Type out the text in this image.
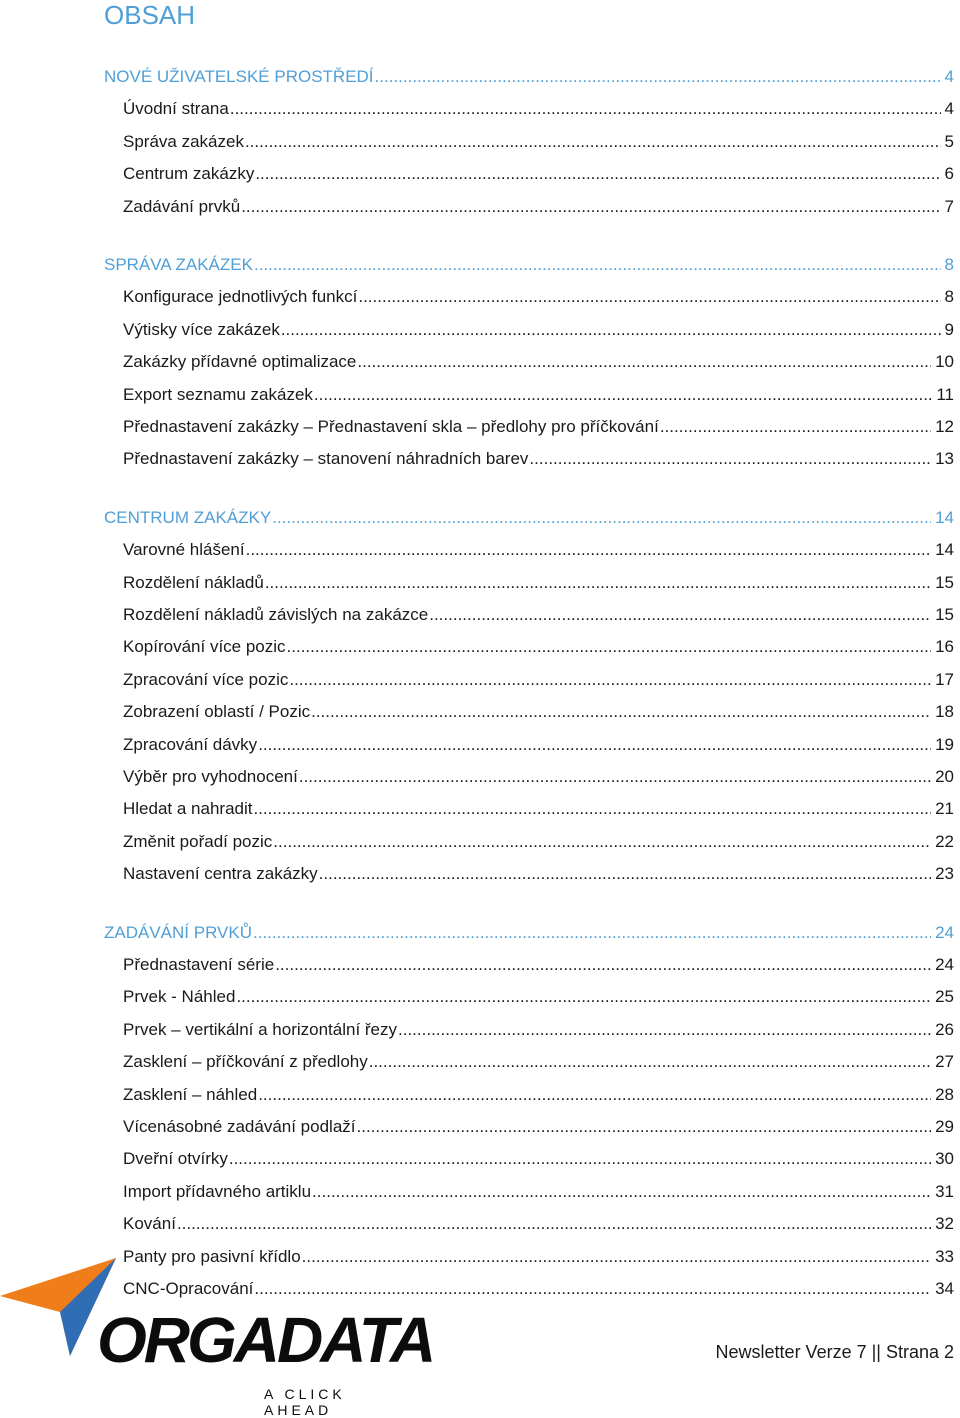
OBSAH
NOVÉ UŽIVATELSKÉ PROSTŘEDÍ .....	4
Úvodní strana .....	4
Správa zakázek .....	5
Centrum zakázky .....	6
Zadávání prvků .....	7
SPRÁVA ZAKÁZEK .....	8
Konfigurace jednotlivých funkcí .....	8
Výtisky více zakázek .....	9
Zakázky přídavné optimalizace .....	10
Export seznamu zakázek .....	11
Přednastavení zakázky – Přednastavení skla – předlohy pro příčkování .....	12
Přednastavení zakázky – stanovení náhradních barev .....	13
CENTRUM ZAKÁZKY .....	14
Varovné hlášení .....	14
Rozdělení nákladů .....	15
Rozdělení nákladů závislých na zakázce .....	15
Kopírování více pozic .....	16
Zpracování více pozic .....	17
Zobrazení oblastí / Pozic .....	18
Zpracování dávky .....	19
Výběr pro vyhodnocení .....	20
Hledat a nahradit .....	21
Změnit pořadí pozic .....	22
Nastavení centra zakázky .....	23
ZADÁVÁNÍ PRVKŮ .....	24
Přednastavení série .....	24
Prvek - Náhled .....	25
Prvek – vertikální a horizontální řezy .....	26
Zasklení – příčkování z předlohy .....	27
Zasklení – náhled .....	28
Vícenásobné zadávání podlaží .....	29
Dveřní otvírky .....	30
Import přídavného artiklu .....	31
Kování .....	32
Panty pro pasivní křídlo .....	33
CNC-Opracování .....	34
ORGADATA
A CLICK AHEAD
Newsletter Verze 7 || Strana 2
